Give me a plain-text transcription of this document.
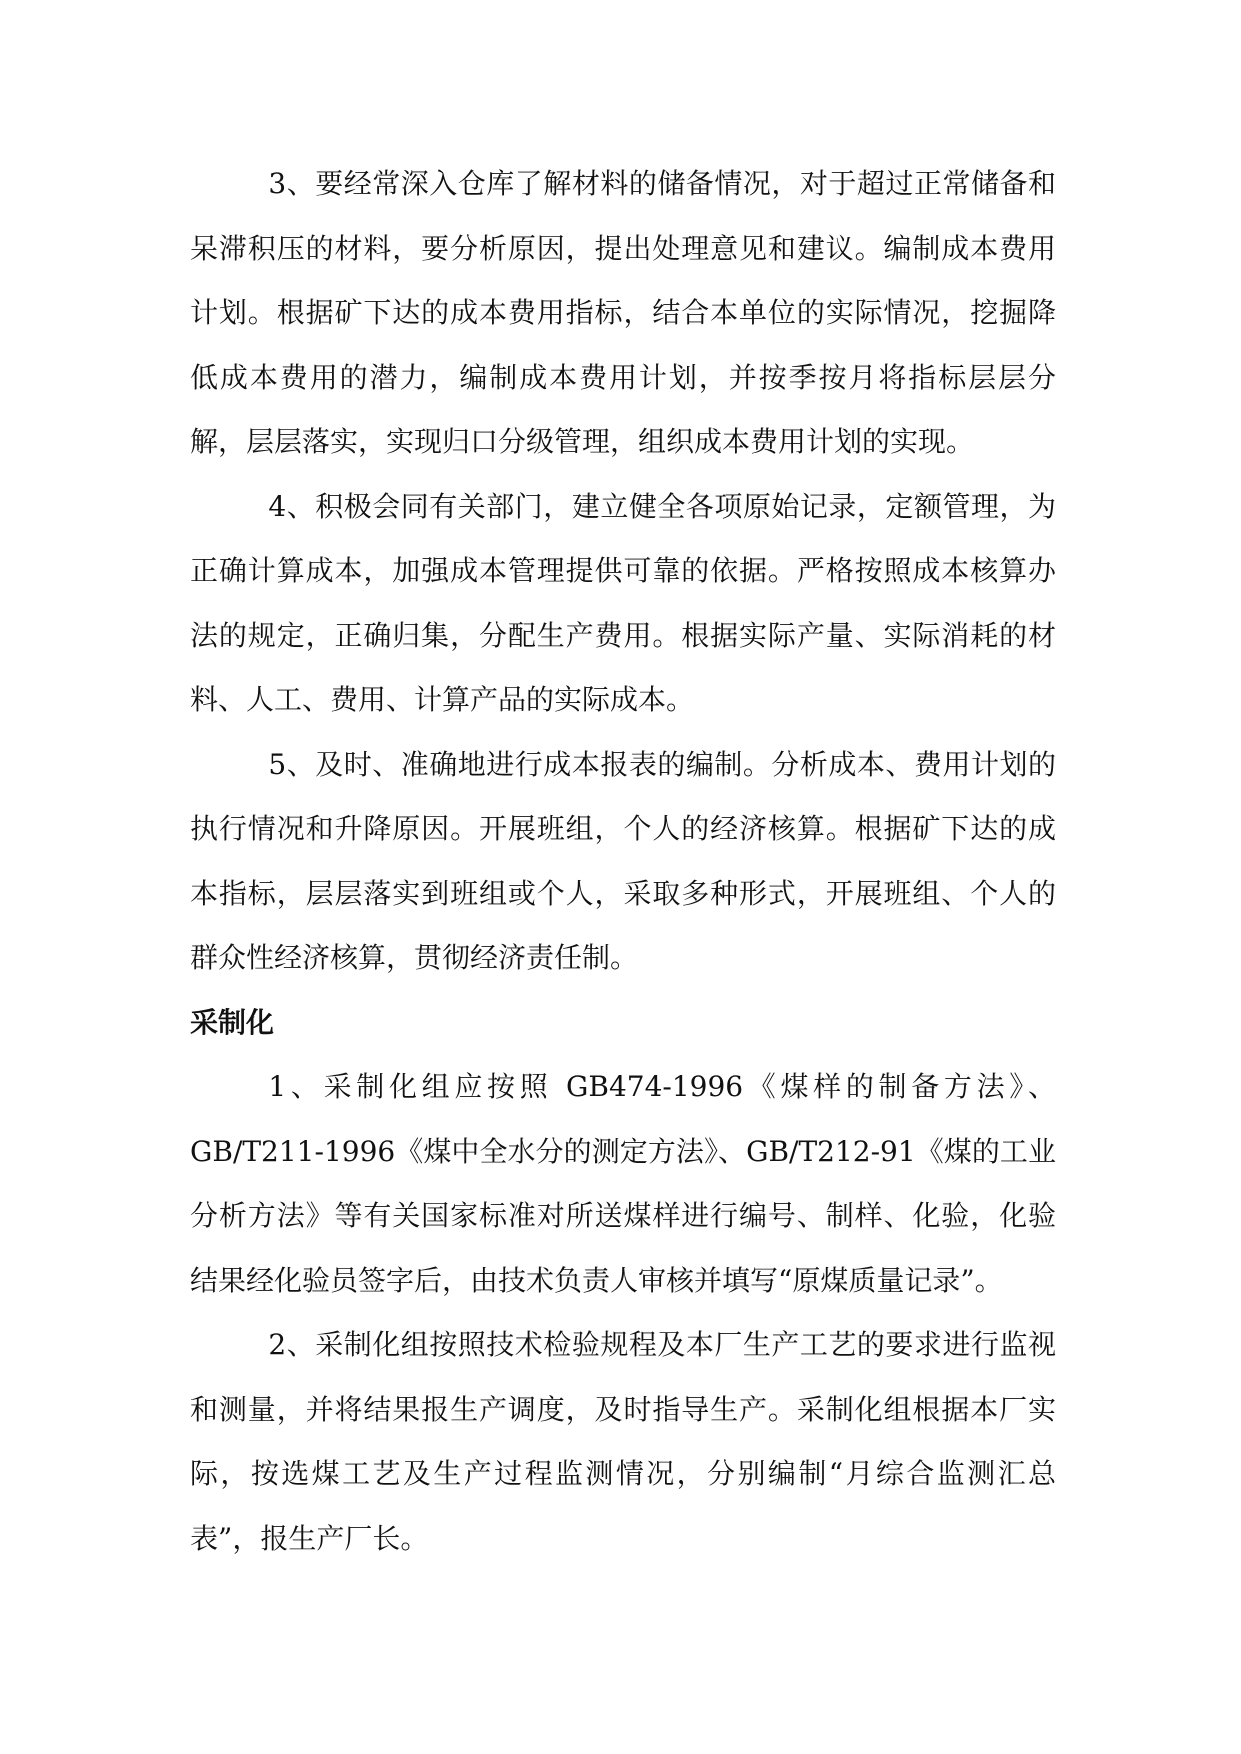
3、要经常深入仓库了解材料的储备情况，对于超过正常储备和呆滞积压的材料，要分析原因，提出处理意见和建议。编制成本费用计划。根据矿下达的成本费用指标，结合本单位的实际情况，挖掘降低成本费用的潜力，编制成本费用计划，并按季按月将指标层层分解，层层落实，实现归口分级管理，组织成本费用计划的实现。

4、积极会同有关部门，建立健全各项原始记录，定额管理，为正确计算成本，加强成本管理提供可靠的依据。严格按照成本核算办法的规定，正确归集，分配生产费用。根据实际产量、实际消耗的材料、人工、费用、计算产品的实际成本。

5、及时、准确地进行成本报表的编制。分析成本、费用计划的执行情况和升降原因。开展班组，个人的经济核算。根据矿下达的成本指标，层层落实到班组或个人，采取多种形式，开展班组、个人的群众性经济核算，贯彻经济责任制。

采制化

1、采制化组应按照 GB474-1996《煤样的制备方法》、GB/T211-1996《煤中全水分的测定方法》、GB/T212-91《煤的工业分析方法》等有关国家标准对所送煤样进行编号、制样、化验，化验结果经化验员签字后，由技术负责人审核并填写“原煤质量记录”。

2、采制化组按照技术检验规程及本厂生产工艺的要求进行监视和测量，并将结果报生产调度，及时指导生产。采制化组根据本厂实际，按选煤工艺及生产过程监测情况，分别编制“月综合监测汇总表”，报生产厂长。
